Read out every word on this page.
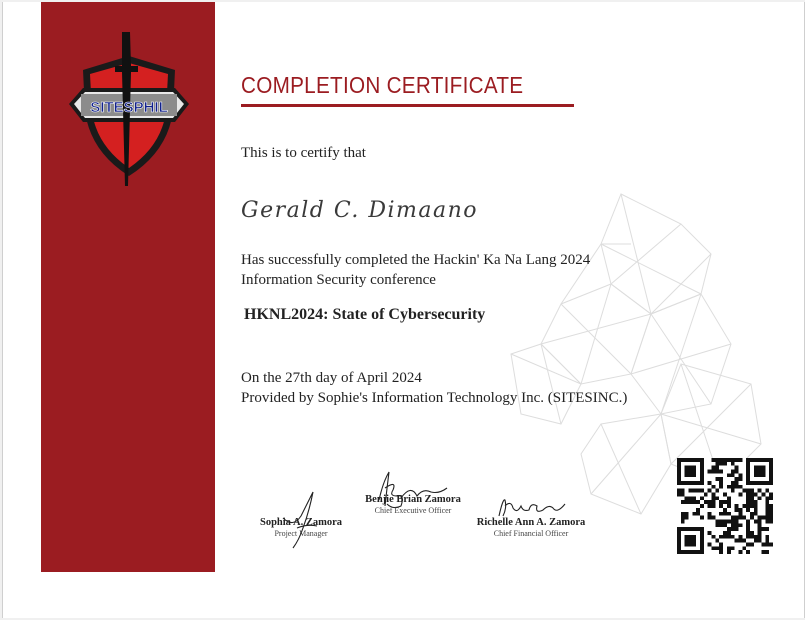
SITESPHIL
COMPLETION CERTIFICATE
This is to certify that
Gerald C. Dimaano
Has successfully completed the Hackin' Ka Na Lang 2024
Information Security conference
HKNL2024: State of Cybersecurity
On the 27th day of April 2024
Provided by Sophie's Information Technology Inc. (SITESINC.)
Sophia A. Zamora
Project Manager
Benjie Brian Zamora
Chief Executive Officer
Richelle Ann A. Zamora
Chief Financial Officer
